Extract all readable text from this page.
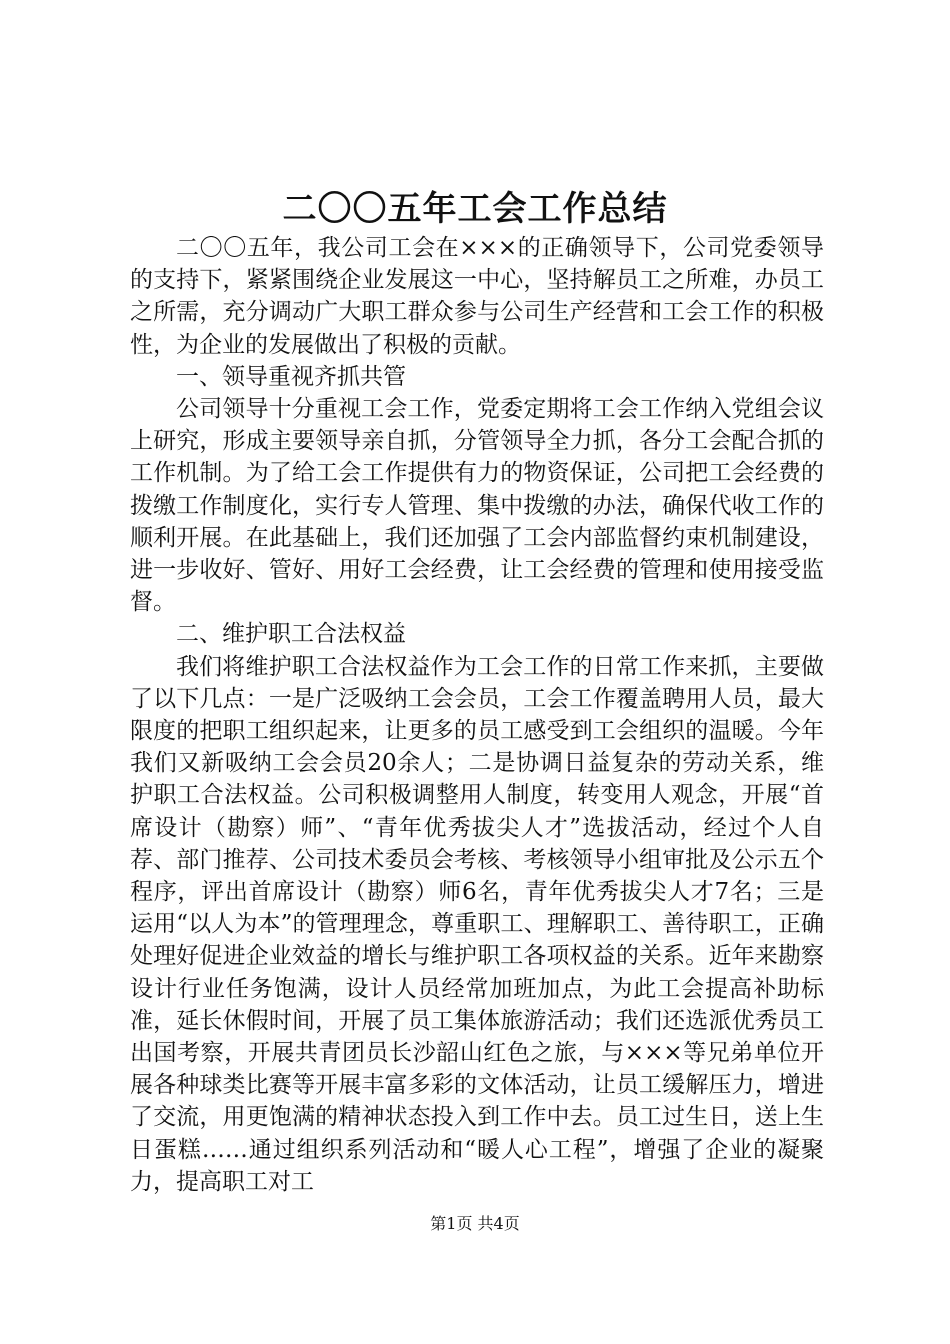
二〇〇五年工会工作总结

二〇〇五年，我公司工会在×××的正确领导下，公司党委领导的支持下，紧紧围绕企业发展这一中心，坚持解员工之所难，办员工之所需，充分调动广大职工群众参与公司生产经营和工会工作的积极性，为企业的发展做出了积极的贡献。

一、领导重视齐抓共管

公司领导十分重视工会工作，党委定期将工会工作纳入党组会议上研究，形成主要领导亲自抓，分管领导全力抓，各分工会配合抓的工作机制。为了给工会工作提供有力的物资保证，公司把工会经费的拨缴工作制度化，实行专人管理、集中拨缴的办法，确保代收工作的顺利开展。在此基础上，我们还加强了工会内部监督约束机制建设，进一步收好、管好、用好工会经费，让工会经费的管理和使用接受监督。

二、维护职工合法权益

我们将维护职工合法权益作为工会工作的日常工作来抓，主要做了以下几点：一是广泛吸纳工会会员，工会工作覆盖聘用人员，最大限度的把职工组织起来，让更多的员工感受到工会组织的温暖。今年我们又新吸纳工会会员20余人；二是协调日益复杂的劳动关系，维护职工合法权益。公司积极调整用人制度，转变用人观念，开展“首席设计（勘察）师”、“青年优秀拔尖人才”选拔活动，经过个人自荐、部门推荐、公司技术委员会考核、考核领导小组审批及公示五个程序，评出首席设计（勘察）师6名，青年优秀拔尖人才7名；三是运用“以人为本”的管理理念，尊重职工、理解职工、善待职工，正确处理好促进企业效益的增长与维护职工各项权益的关系。近年来勘察设计行业任务饱满，设计人员经常加班加点，为此工会提高补助标准，延长休假时间，开展了员工集体旅游活动；我们还选派优秀员工出国考察，开展共青团员长沙韶山红色之旅，与×××等兄弟单位开展各种球类比赛等开展丰富多彩的文体活动，让员工缓解压力，增进了交流，用更饱满的精神状态投入到工作中去。员工过生日，送上生日蛋糕……通过组织系列活动和“暖人心工程”，增强了企业的凝聚力，提高职工对工

第1页 共4页
